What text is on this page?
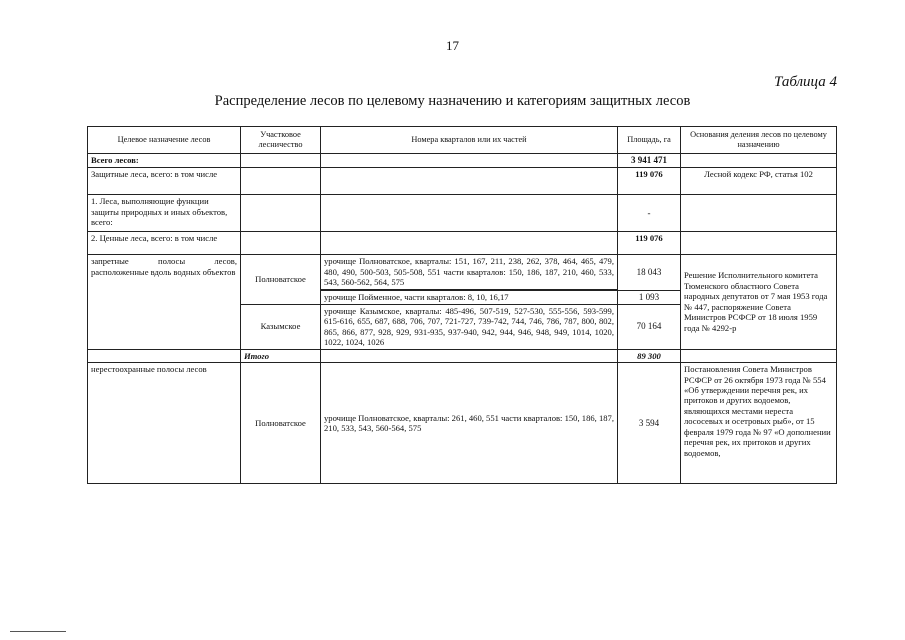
17
Таблица 4
Распределение лесов по целевому назначению и категориям защитных лесов
Целевое назначение лесов	Участковое лесничество	Номера кварталов или их частей	Площадь, га	Основания деления лесов по целевому назначению
Всего лесов:			3 941 471	
Защитные леса, всего: в том числе			119 076	Лесной кодекс РФ, статья 102
1. Леса, выполняющие функции защиты природных и иных объектов, всего:			-	
2. Ценные леса, всего: в том числе			119 076	
запретные полосы лесов, расположенные вдоль водных объектов	Полноватское	урочище Полноватское, кварталы: 151, 167, 211, 238, 262, 378, 464, 465, 479, 480, 490, 500-503, 505-508, 551 части кварталов: 150, 186, 187, 210, 460, 533, 543, 560-562, 564, 575	18 043	Решение Исполнительного комитета Тюменского областного Совета народных депутатов от 7 мая 1953 года № 447, распоряжение Совета Министров РСФСР от 18 июля 1959 года № 4292-р
		урочище Пойменное, части кварталов: 8, 10, 16,17	1 093	
	Казымское	урочище Казымское, кварталы: 485-496, 507-519, 527-530, 555-556, 593-599, 615-616, 655, 687, 688, 706, 707, 721-727, 739-742, 744, 746, 786, 787, 800, 802, 865, 866, 877, 928, 929, 931-935, 937-940, 942, 944, 946, 948, 949, 1014, 1020, 1022, 1024, 1026	70 164	
	Итого		89 300	
нерестоохранные полосы лесов	Полноватское	урочище Полноватское, кварталы: 261, 460, 551 части кварталов: 150, 186, 187, 210, 533, 543, 560-564, 575	3 594	Постановления Совета Министров РСФСР от 26 октября 1973 года № 554 «Об утверждении перечня рек, их притоков и других водоемов, являющихся местами нереста лососевых и осетровых рыб», от 15 февраля 1979 года № 97 «О дополнении перечня рек, их притоков и других водоемов,
